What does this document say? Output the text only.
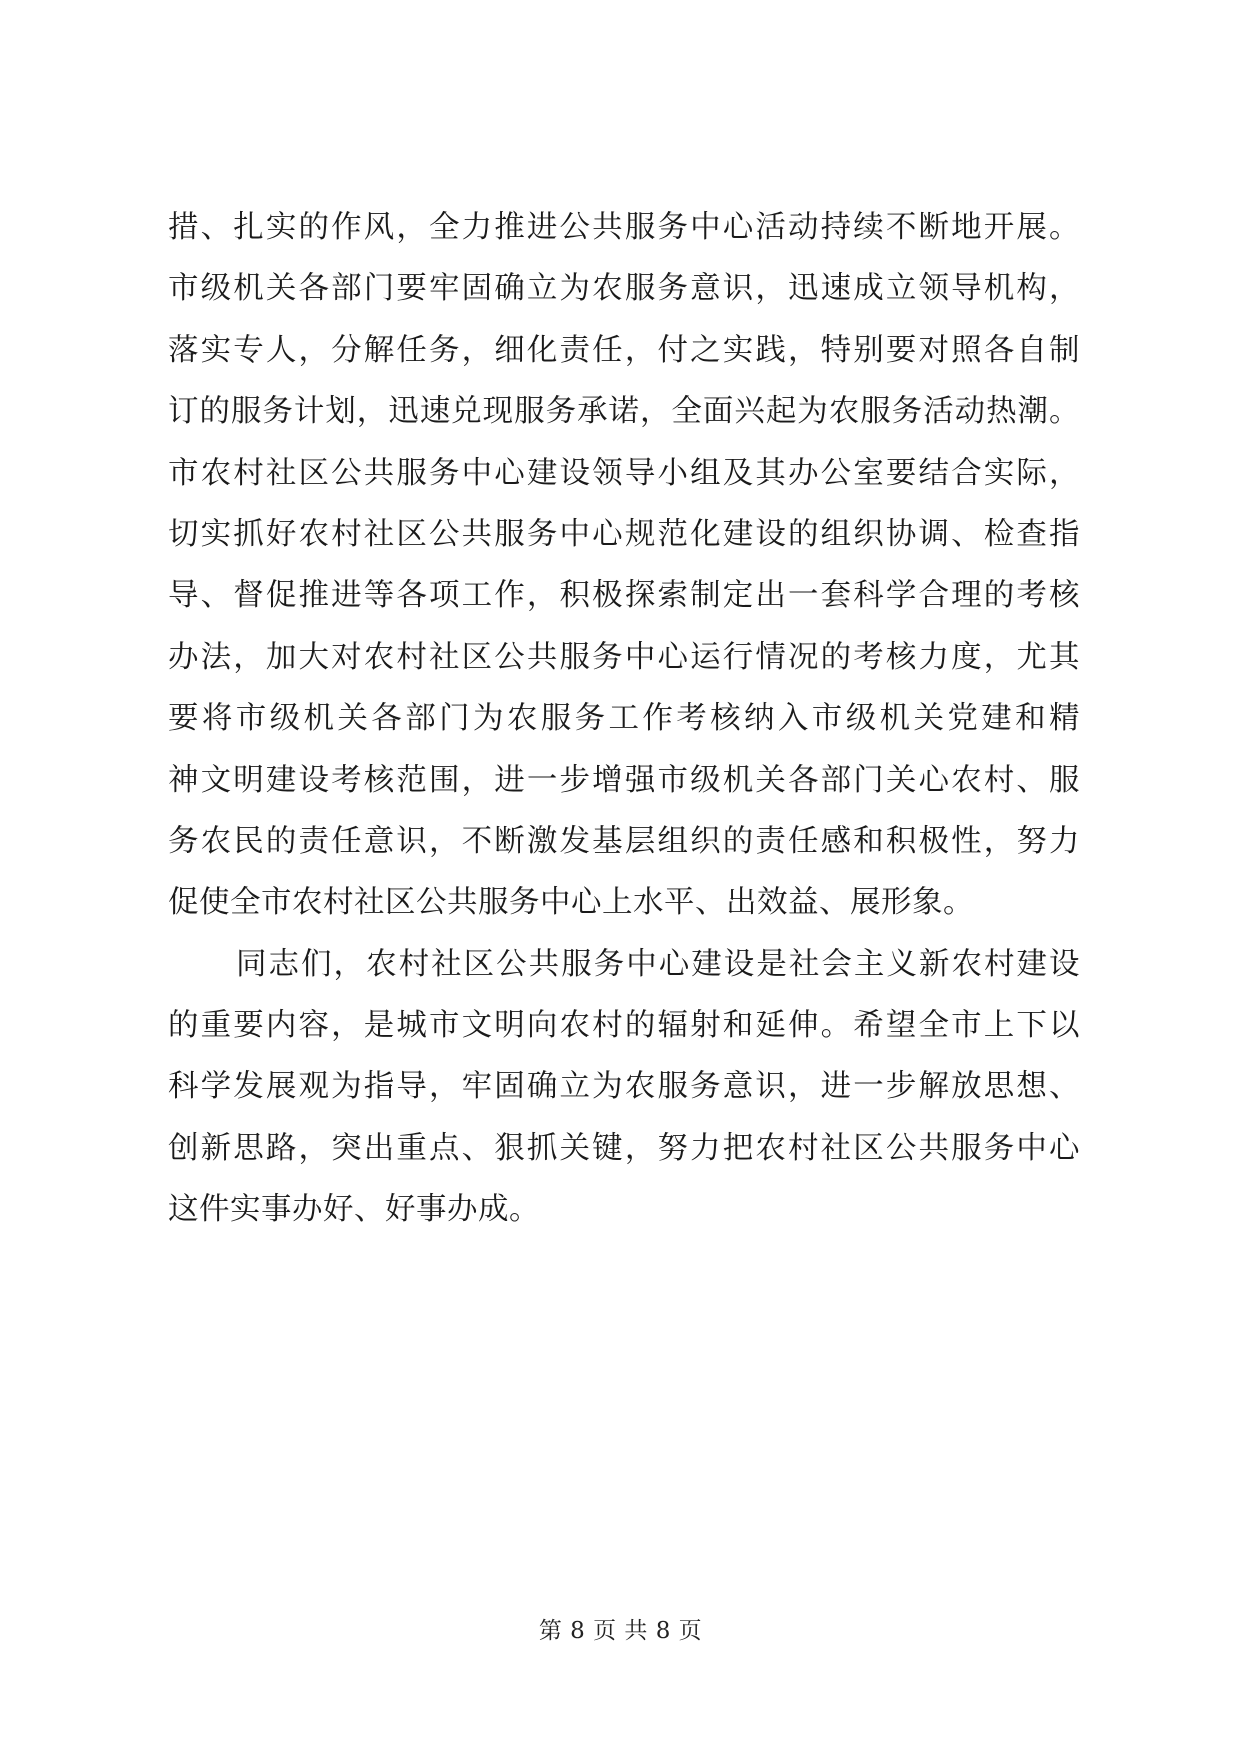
措、扎实的作风，全力推进公共服务中心活动持续不断地开展。
市级机关各部门要牢固确立为农服务意识，迅速成立领导机构，
落实专人，分解任务，细化责任，付之实践，特别要对照各自制
订的服务计划，迅速兑现服务承诺，全面兴起为农服务活动热潮。
市农村社区公共服务中心建设领导小组及其办公室要结合实际，
切实抓好农村社区公共服务中心规范化建设的组织协调、检查指
导、督促推进等各项工作，积极探索制定出一套科学合理的考核
办法，加大对农村社区公共服务中心运行情况的考核力度，尤其
要将市级机关各部门为农服务工作考核纳入市级机关党建和精
神文明建设考核范围，进一步增强市级机关各部门关心农村、服
务农民的责任意识，不断激发基层组织的责任感和积极性，努力
促使全市农村社区公共服务中心上水平、出效益、展形象。
同志们，农村社区公共服务中心建设是社会主义新农村建设
的重要内容，是城市文明向农村的辐射和延伸。希望全市上下以
科学发展观为指导，牢固确立为农服务意识，进一步解放思想、
创新思路，突出重点、狠抓关键，努力把农村社区公共服务中心
这件实事办好、好事办成。
第 8 页 共 8 页
